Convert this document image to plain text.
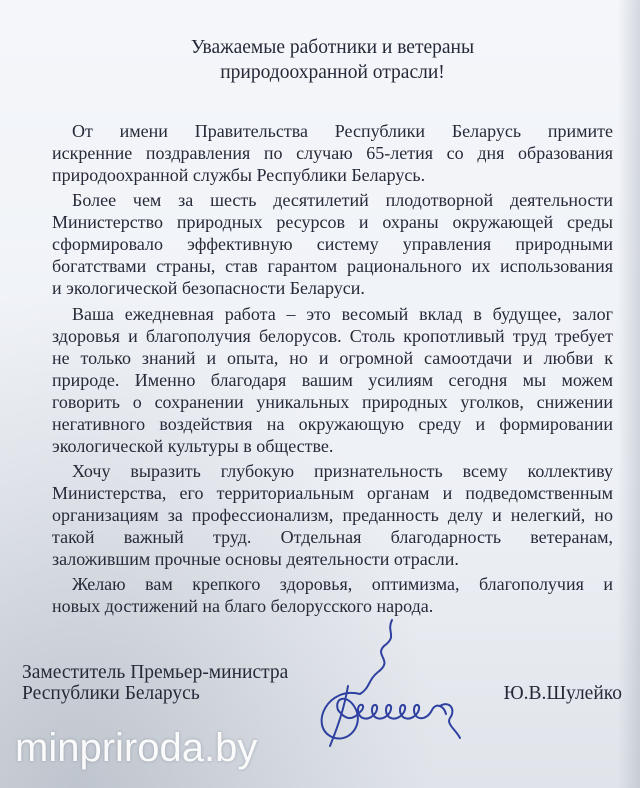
Уважаемые работники и ветераны
природоохранной отрасли!
От имени Правительства Республики Беларусь примите
искренние поздравления по случаю 65-летия со дня образования
природоохранной службы Республики Беларусь.
Более чем за шесть десятилетий плодотворной деятельности
Министерство природных ресурсов и охраны окружающей среды
сформировало эффективную систему управления природными
богатствами страны, став гарантом рационального их использования
и экологической безопасности Беларуси.
Ваша ежедневная работа – это весомый вклад в будущее, залог
здоровья и благополучия белорусов. Столь кропотливый труд требует
не только знаний и опыта, но и огромной самоотдачи и любви к
природе. Именно благодаря вашим усилиям сегодня мы можем
говорить о сохранении уникальных природных уголков, снижении
негативного воздействия на окружающую среду и формировании
экологической культуры в обществе.
Хочу выразить глубокую признательность всему коллективу
Министерства, его территориальным органам и подведомственным
организациям за профессионализм, преданность делу и нелегкий, но
такой важный труд. Отдельная благодарность ветеранам,
заложившим прочные основы деятельности отрасли.
Желаю вам крепкого здоровья, оптимизма, благополучия и
новых достижений на благо белорусского народа.
Заместитель Премьер-министра
Республики Беларусь	Ю.В.Шулейко
minpriroda.by
